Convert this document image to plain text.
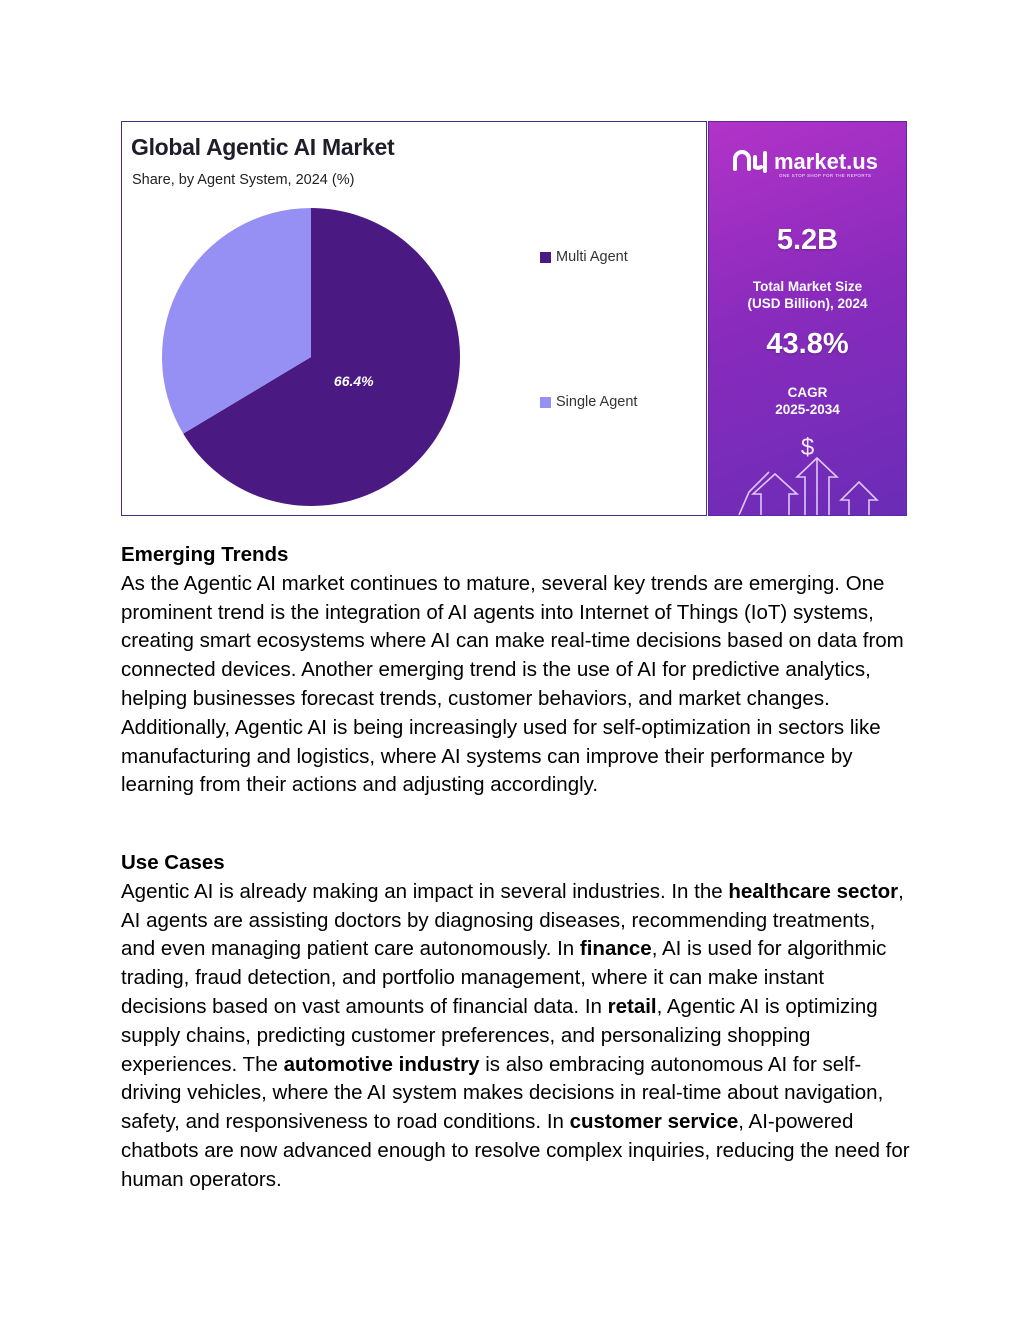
66.4%
Global Agentic AI Market
Share, by Agent System, 2024 (%)
Multi Agent
Single Agent
market.us
ONE STOP SHOP FOR THE REPORTS
5.2B
Total Market Size
(USD Billion), 2024
43.8%
CAGR
2025-2034
$
Emerging Trends

As the Agentic AI market continues to mature, several key trends are emerging. One prominent trend is the integration of AI agents into Internet of Things (IoT) systems, creating smart ecosystems where AI can make real-time decisions based on data from connected devices. Another emerging trend is the use of AI for predictive analytics, helping businesses forecast trends, customer behaviors, and market changes. Additionally, Agentic AI is being increasingly used for self-optimization in sectors like manufacturing and logistics, where AI systems can improve their performance by learning from their actions and adjusting accordingly.

Use Cases

Agentic AI is already making an impact in several industries. In the healthcare sector, AI agents are assisting doctors by diagnosing diseases, recommending treatments, and even managing patient care autonomously. In finance, AI is used for algorithmic trading, fraud detection, and portfolio management, where it can make instant decisions based on vast amounts of financial data. In retail, Agentic AI is optimizing supply chains, predicting customer preferences, and personalizing shopping experiences. The automotive industry is also embracing autonomous AI for self-driving vehicles, where the AI system makes decisions in real-time about navigation, safety, and responsiveness to road conditions. In customer service, AI-powered chatbots are now advanced enough to resolve complex inquiries, reducing the need for human operators.
